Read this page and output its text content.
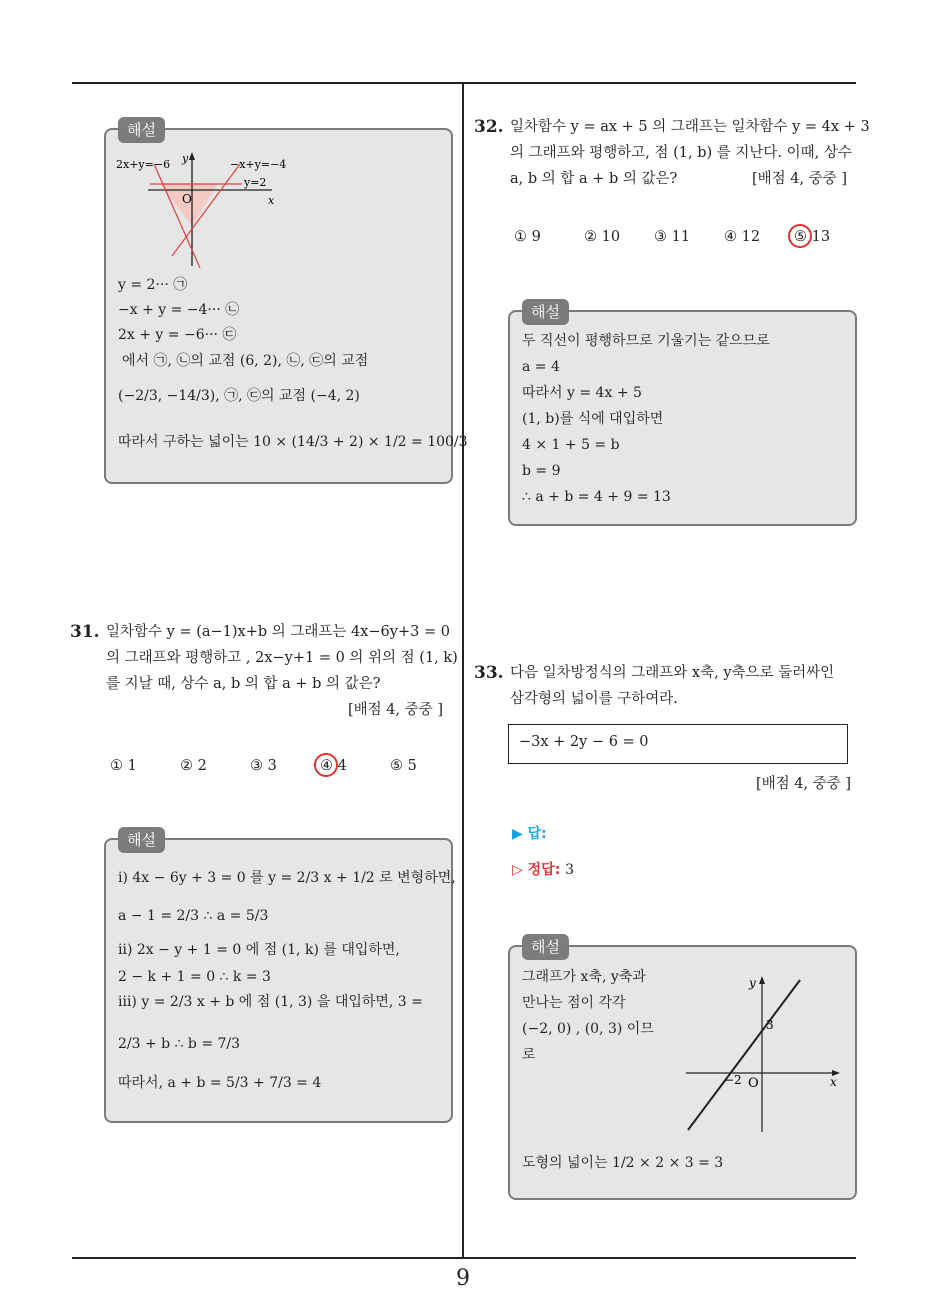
9
해설
2x+y=−6	−x+y=−4
y=2
y
x
O
y = 2··· ㉠
−x + y = −4··· ㉡
2x + y = −6··· ㉢
에서 ㉠, ㉡의 교점 (6, 2), ㉡, ㉢의 교점
(−2/3, −14/3), ㉠, ㉢의 교점 (−4, 2)
따라서 구하는 넓이는 10 × (14/3 + 2) × 1/2 = 100/3
31. 일차함수 y = (a−1)x+b 의 그래프는 4x−6y+3 = 0
의 그래프와 평행하고 , 2x−y+1 = 0 의 위의 점 (1, k)
를 지날 때, 상수 a, b 의 합 a + b 의 값은?
[배점 4, 중중 ]
① 1	② 2	③ 3	④ 4	⑤ 5
해설
ⅰ) 4x − 6y + 3 = 0 를 y = 2/3 x + 1/2 로 변형하면,
a − 1 = 2/3 ∴ a = 5/3
ⅱ) 2x − y + 1 = 0 에 점 (1, k) 를 대입하면,
2 − k + 1 = 0 ∴ k = 3
ⅲ) y = 2/3 x + b 에 점 (1, 3) 을 대입하면, 3 =
2/3 + b ∴ b = 7/3
따라서, a + b = 5/3 + 7/3 = 4
32. 일차함수 y = ax + 5 의 그래프는 일차함수 y = 4x + 3
의 그래프와 평행하고, 점 (1, b) 를 지난다. 이때, 상수
a, b 의 합 a + b 의 값은?	[배점 4, 중중 ]
① 9	② 10 ③ 11 ④ 12 ⑤ 13
해설
두 직선이 평행하므로 기울기는 같으므로
a = 4
따라서 y = 4x + 5
(1, b)를 식에 대입하면
4 × 1 + 5 = b
b = 9
∴ a + b = 4 + 9 = 13
33. 다음 일차방정식의 그래프와 x축, y축으로 둘러싸인
삼각형의 넓이를 구하여라.
−3x + 2y − 6 = 0
[배점 4, 중중 ]
▶ 답:
▷ 정답: 3
해설
그래프가 x축, y축과
만나는 점이 각각
(−2, 0) , (0, 3) 이므
로
도형의 넓이는 1/2 × 2 × 3 = 3
y
x
O
−2
3
